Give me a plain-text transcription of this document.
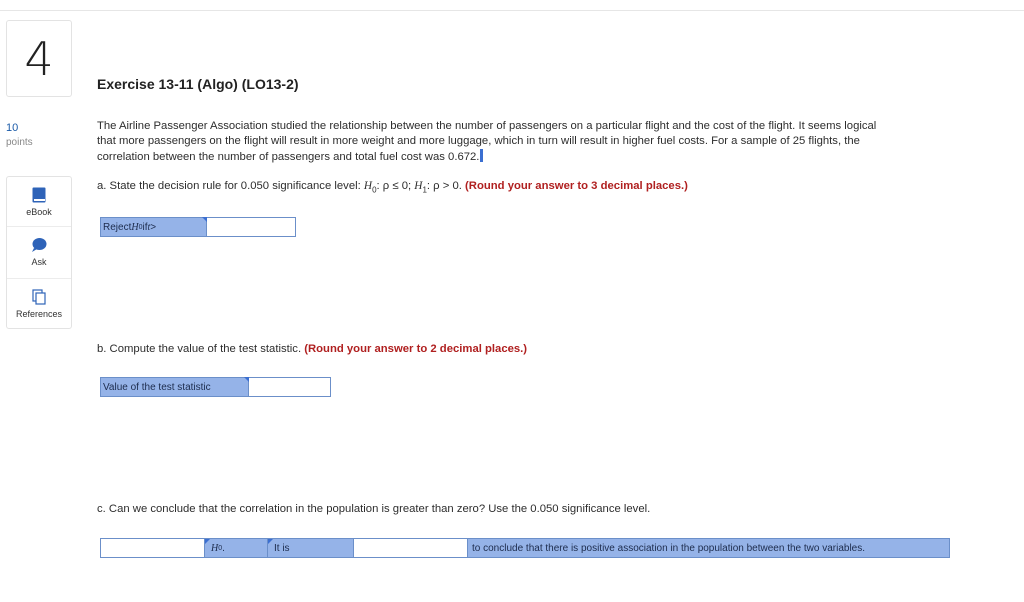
4
10
points
eBook
Ask
References
Exercise 13-11 (Algo) (LO13-2)
The Airline Passenger Association studied the relationship between the number of passengers on a particular flight and the cost of the flight. It seems logical that more passengers on the flight will result in more weight and more luggage, which in turn will result in higher fuel costs. For a sample of 25 flights, the correlation between the number of passengers and total fuel cost was 0.672.
a. State the decision rule for 0.050 significance level: $H_0$: ρ ≤ 0; $H_1$: ρ > 0. (Round your answer to 3 decimal places.)
Reject H 0 if t >
b. Compute the value of the test statistic. (Round your answer to 2 decimal places.)
Value of the test statistic
c. Can we conclude that the correlation in the population is greater than zero? Use the 0.050 significance level.
H 0 .	It is	to conclude that there is positive association in the population between the two variables.
